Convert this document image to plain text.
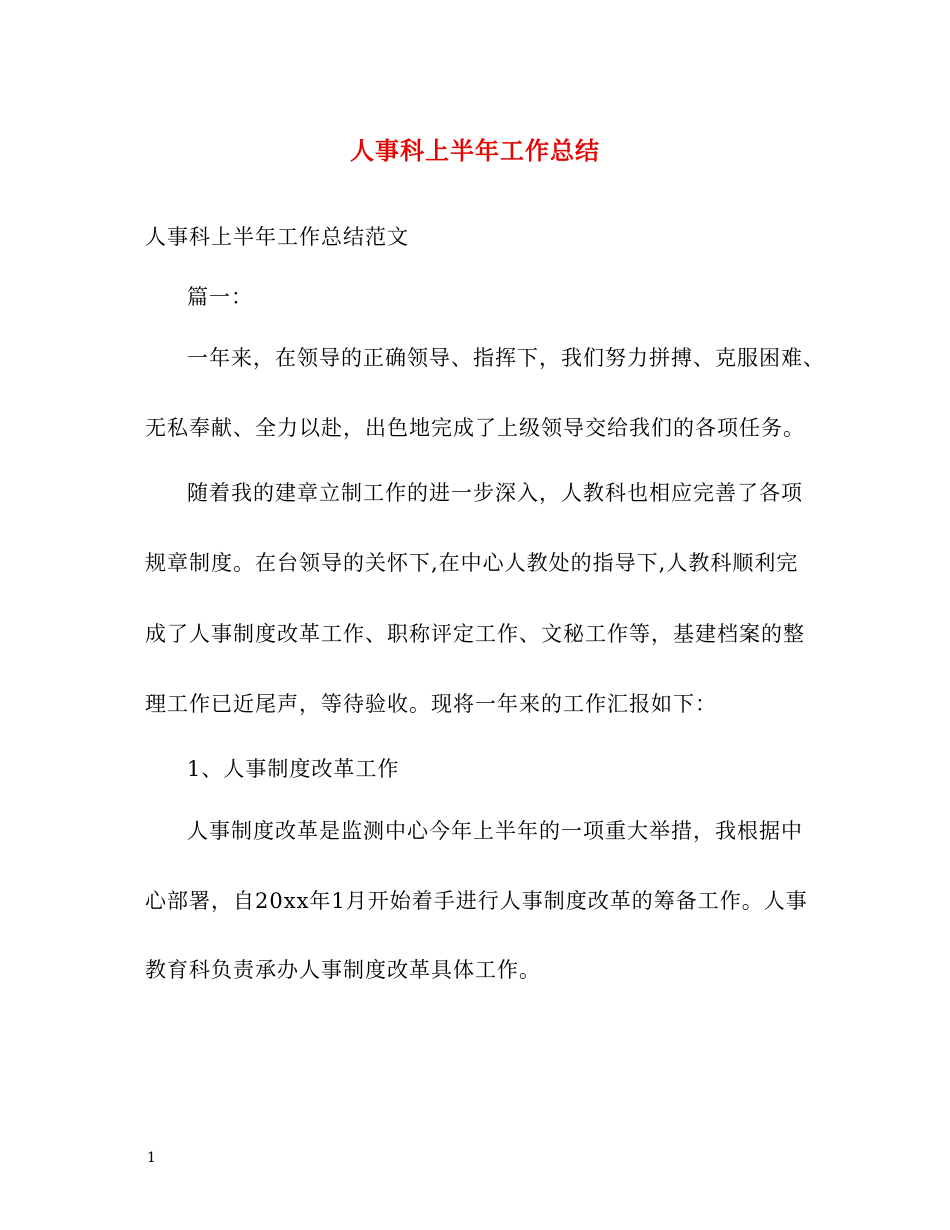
人事科上半年工作总结
人事科上半年工作总结范文
篇一：
一年来，在领导的正确领导、指挥下，我们努力拼搏、克服困难、
无私奉献、全力以赴，出色地完成了上级领导交给我们的各项任务。
随着我的建章立制工作的进一步深入，人教科也相应完善了各项
规章制度。在台领导的关怀下,在中心人教处的指导下,人教科顺利完
成了人事制度改革工作、职称评定工作、文秘工作等，基建档案的整
理工作已近尾声，等待验收。现将一年来的工作汇报如下：
1、人事制度改革工作
人事制度改革是监测中心今年上半年的一项重大举措，我根据中
心部署，自20xx年1月开始着手进行人事制度改革的筹备工作。人事
教育科负责承办人事制度改革具体工作。
1
